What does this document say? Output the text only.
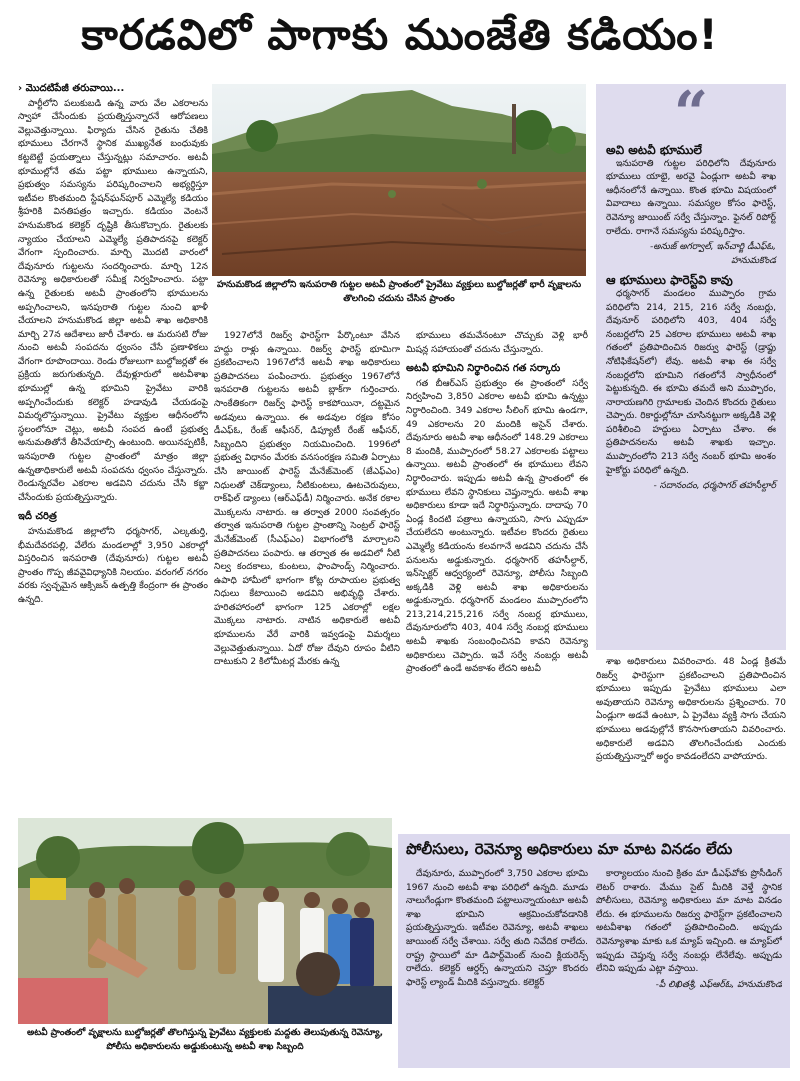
కారడవిలో పాగాకు ముంజేతి కడియం!
› మొదటిపేజీ తరువాయి...

పార్టీలోని పలుకుబడి ఉన్న వారు వేల ఎకరాలను స్వాహా చేసేందుకు ప్రయత్నిస్తున్నారనే ఆరోపణలు వెల్లువెత్తున్నాయి. ఫిర్యాదు చేసిన రైతును చేతికి భూములు చేరగానే స్థానిక ముఖ్యనేత బంధువుకు కట్టబెట్టే ప్రయత్నాలు చేస్తున్నట్లు సమాచారం. అటవీ భూముల్లోనే తమ పట్టా భూములు ఉన్నాయని, ప్రభుత్వం సమస్యను పరిష్కరించాలని అభ్యర్థిస్తూ ఇటీవల కొంతమంది స్టేషన్‌ఘన్‌పూర్ ఎమ్మెల్యే కడియం శ్రీహరికి వినతిపత్రం ఇచ్చారు. కడియం వెంటనే హనుమకొండ కలెక్టర్ దృష్టికి తీసుకొచ్చారు. రైతులకు న్యాయం చేయాలని ఎమ్మెల్యే ప్రతిపాదనపై కలెక్టర్ వేగంగా స్పందించారు. మార్చి మొదటి వారంలో దేవునూరు గుట్టలను సందర్శించారు. మార్చి 12న రెవెన్యూ అధికారులతో సమీక్ష నిర్వహించారు. పట్టా ఉన్న రైతులకు అటవీ ప్రాంతంలోని భూములను అప్పగించాలని, ఇనపురాతి గుట్టల నుంచి ఖాళీ చేయాలని హనుమకొండ జిల్లా అటవీ శాఖ అధికారికి మార్చి 27న ఆదేశాలు జారీ చేశారు. ఆ మరుసటి రోజు నుంచి అటవీ సంపదను ధ్వంసం చేసే ప్రణాళికలు వేగంగా రూపొందాయి. రెండు రోజులుగా బుల్డోజర్లతో ఈ ప్రక్రియ జరుగుతున్నది. దేవుళ్లూరులో అటవీశాఖ భూముల్లో ఉన్న భూమిని ప్రైవేటు వారికి అప్పగించేందుకు కలెక్టర్ హడావుడి చేయడంపై విమర్శలొస్తున్నాయి. ప్రైవేటు వ్యక్తుల ఆధీనంలోని స్థలంలోనూ చెట్లు, అటవీ సంపద ఉంటే ప్రభుత్వ అనుమతితోనే తీసివేయాల్సి ఉంటుంది. అయినప్పటికీ, ఇనపురాతి గుట్టల ప్రాంతంలో మాత్రం జిల్లా ఉన్నతాధికారులే అటవీ సంపదను ధ్వంసం చేస్తున్నారు. రెండున్నరవేల ఎకరాల అడవిని చదును చేసి కబ్జా చేసేందుకు ప్రయత్నిస్తున్నారు.

ఇదీ చరిత్ర

హనుమకొండ జిల్లాలోని ధర్మసాగర్, ఎల్కతుర్తి, భీమదేవరపల్లి, వేలేరు మండలాల్లో 3,950 ఎకరాల్లో విస్తరించిన ఇనపరాతి (దేవునూరు) గుట్టల అటవీ ప్రాంతం గొప్ప జీవవైవిధ్యానికి నిలయం. వరంగల్ నగరం వరకు స్వచ్ఛమైన ఆక్సిజన్ ఉత్పత్తి కేంద్రంగా ఈ ప్రాంతం ఉన్నది.

హనుమకొండ జిల్లాలోని ఇనుపరాతి గుట్టల అటవీ ప్రాంతంలో ప్రైవేటు వ్యక్తులు బుల్డోజర్లతో భారీ వృక్షాలను తొలగించి చదును చేసిన ప్రాంతం

1927లోనే రిజర్వ్ ఫారెస్ట్‌గా పేర్కొంటూ వేసిన హద్దు రాళ్లు ఉన్నాయి. రిజర్వ్ ఫారెస్ట్ భూమిగా ప్రకటించాలని 1967లోనే అటవీ శాఖ అధికారులు ప్రతిపాదనలు పంపించారు. ప్రభుత్వం 1967లోనే ఇనపరాతి గుట్టలను అటవీ బ్లాక్‌గా గుర్తించారు. సాంకేతికంగా రిజర్వ్ ఫారెస్ట్ కాకపోయినా, దట్టమైన అడవులు ఉన్నాయి. ఈ అడవుల రక్షణ కోసం డీఎఫ్‌ఓ, రేంజ్ ఆఫీసర్, డిప్యూటీ రేంజ్ ఆఫీసర్, సిబ్బందిని ప్రభుత్వం నియమించింది. 1996లో ప్రభుత్వ విధానం మేరకు వనసంరక్షణ సమితి ఏర్పాటు చేసి జాయింట్ ఫారెస్ట్ మేనేజ్‌మెంట్ (జేఎఫ్ఎం) నిధులతో చెక్‌డ్యాంలు, నీటికుంటలు, ఊటచెరువులు, రాక్‌ఫిల్ డ్యాంలు (ఆర్‌ఎఫ్‌డీ) నిర్మించారు. అనేక రకాల మొక్కలను నాటారు. ఆ తర్వాత 2000 సంవత్సరం తర్వాత ఇనుపరాతి గుట్టల ప్రాంతాన్ని సెంట్రల్ ఫారెస్ట్ మేనేజ్‌మెంట్ (సీఎఫ్ఎం) విభాగంలోకి మార్చాలని ప్రతిపాదనలు పంపారు. ఆ తర్వాత ఈ అడవిలో నీటి నిల్వ కందకాలు, కుంటలు, ఫాంపాండ్స్ నిర్మించారు. ఉపాధి హామీలో భాగంగా కోట్ల రూపాయల ప్రభుత్వ నిధులు కేటాయించి అడవిని అభివృద్ధి చేశారు. హరితహారంలో భాగంగా 125 ఎకరాల్లో లక్షల మొక్కలు నాటారు. నాటిన అధికారులే అటవీ భూములను వేరే వారికి ఇవ్వడంపై విమర్శలు వెల్లువెత్తుతున్నాయి. ఏదో రోజు దేవుని రూపం వీటిని దాటుకుని 2 కిలోమీటర్ల మేరకు ఉన్న

భూములు తమవేనంటూ చొచ్చుకు వెళ్లి భారీ మిషన్ల సహాయంతో చదును చేస్తున్నారు.

అటవీ భూమిని నిర్థారించిన గత సర్కారు

గత బీఆర్ఎస్ ప్రభుత్వం ఈ ప్రాంతంలో సర్వే నిర్వహించి 3,850 ఎకరాల అటవీ భూమి ఉన్నట్టు నిర్థారించింది. 349 ఎకరాల సీలింగ్ భూమి ఉండగా, 49 ఎకరాలను 20 మందికి అసైన్ చేశారు. దేవునూరు అటవీ శాఖ ఆధీనంలో 148.29 ఎకరాలు 8 మందికి, ముప్పారంలో 58.27 ఎకరాలకు పట్టాలు ఉన్నాయి. అటవీ ప్రాంతంలో ఈ భూములు లేవని నిర్థారించారు. ఇప్పుడు అటవీ ఉన్న ప్రాంతంలో ఈ భూములు లేవని స్థానికులు చెప్తున్నారు. అటవీ శాఖ అధికారులు కూడా ఇదే నిర్థారిస్తున్నారు. దాదాపు 70 ఏండ్ల కిందటి పత్రాలు ఉన్నాయని, సాగు ఎప్పుడూ చేయలేదని అంటున్నారు. ఇటీవల కొందరు రైతులు ఎమ్మెల్యే కడియంను కలవగానే అడవిని చదును చేసే పనులను అడ్డుకున్నారు. ధర్మసాగర్ తహసీల్దార్, ఇన్‌స్పెక్టర్ ఆధ్వర్యంలో రెవెన్యూ, పోలీసు సిబ్బంది అక్కడికి వెళ్లి అటవీ శాఖ అధికారులను అడ్డుకున్నారు. ధర్మసాగర్ మండలం ముప్పారంలోని 213,214,215,216 సర్వే నంబర్ల భూములు, దేవునూరులోని 403, 404 సర్వే నంబర్ల భూములు అటవీ శాఖకు సంబంధించినవి కావని రెవెన్యూ అధికారులు చెప్పారు. ఇవే సర్వే నంబర్లు అటవీ ప్రాంతంలో ఉండే అవకాశం లేదని అటవీ

“
అవి అటవీ భూములే

ఇనుపరాతి గుట్టల పరిధిలోని దేవునూరు భూములు యాభై, అరవై ఏండ్లుగా అటవీ శాఖ ఆధీనంలోనే ఉన్నాయి. కొంత భూమి విషయంలో వివాదాలు ఉన్నాయి. సమస్యల కోసం ఫారెస్ట్, రెవెన్యూ జాయింట్ సర్వే చేస్తున్నాం. ఫైనల్ రిపోర్ట్ రాలేదు. రాగానే సమస్యను పరిష్కరిస్తాం.

-అనుజ్ అగర్వాల్, ఇన్‌చార్జి డీఎఫ్ఓ, హనుమకొండ
ఆ భూములు ఫారెస్ట్‌వి కావు

ధర్మసాగర్ మండలం ముప్పారం గ్రామ పరిధిలోని 214, 215, 216 సర్వే నంబర్లు, దేవునూర్ పరిధిలోని 403, 404 సర్వే నంబర్లలోని 25 ఎకరాల భూములు అటవీ శాఖ గతంలో ప్రతిపాదించిన రిజర్వు ఫారెస్ట్ (డ్రాఫ్టు నోటిఫికేషన్‌లో) లేవు. అటవీ శాఖ ఈ సర్వే నంబర్లలోని భూమిని గతంలోనే స్వాధీనంలో పెట్టుకున్నది. ఈ భూమి తమదే అని ముప్పారం, నారాయణగిరి గ్రామాలకు చెందిన కొందరు రైతులు చెప్పారు. రికార్డుల్లోనూ చూసినట్టుగా అక్కడికి వెళ్లి పరిశీలించి హద్దులు ఏర్పాటు చేశాం. ఈ ప్రతిపాదనలను అటవీ శాఖకు ఇచ్చాం. ముప్పారంలోని 213 సర్వే నంబర్ భూమి అంశం హైకోర్టు పరిధిలో ఉన్నది.

- సదానందం, ధర్మసాగర్ తహసీల్దార్

శాఖ అధికారులు వివరించారు. 48 ఏండ్ల క్రితమే రిజర్వ్ ఫారెస్టుగా ప్రకటించాలని ప్రతిపాదించిన భూములు ఇప్పుడు ప్రైవేటు భూములు ఎలా అవుతాయని రెవెన్యూ అధికారులను ప్రశ్నించారు. 70 ఏండ్లుగా అడవే ఉంటూ, ఏ ప్రైవేటు వ్యక్తి సాగు చేయని భూములు అడవుల్లోనే కొనసాగుతాయని వివరించారు. అధికారులే అడవిని తొలగించేందుకు ఎందుకు ప్రయత్నిస్తున్నారో అర్థం కావడంలేదని వాపోయారు.

అటవీ ప్రాంతంలో వృక్షాలను బుల్డోజర్లతో తొలగిస్తున్న ప్రైవేటు వ్యక్తులకు మద్దతు తెలుపుతున్న రెవెన్యూ, పోలీసు అధికారులను అడ్డుకుంటున్న అటవీ శాఖ సిబ్బంది
పోలీసులు, రెవెన్యూ అధికారులు మా మాట వినడం లేదు

దేవునూరు, ముప్పారంలో 3,750 ఎకరాల భూమి 1967 నుంచి అటవీ శాఖ పరిధిలో ఉన్నది. మూడు నాలుగేండ్లుగా కొంతమంది పట్టాలున్నాయంటూ అటవీ శాఖ భూమిని ఆక్రమించుకోవడానికి ప్రయత్నిస్తున్నారు. ఇటీవల రెవెన్యూ, అటవీ శాఖలు జాయింట్ సర్వే చేశాయి. సర్వే తుది నివేదిక రాలేదు. రాష్ట్ర స్థాయిలో మా డిపార్ట్‌మెంట్ నుంచి క్లియరెన్స్ రాలేదు. కలెక్టర్ ఆర్డర్స్ ఉన్నాయని చెప్తూ కొందరు ఫారెస్ట్ ల్యాండ్ మీదికి వస్తున్నారు. కలెక్టర్

కార్యాలయం నుంచి క్రితం మా డీఎఫ్‌వోకు ప్రొసీడింగ్ లెటర్ రాశారు. మేము సైట్ మీదికి వెళ్తే స్థానిక పోలీసులు, రెవెన్యూ అధికారులు మా మాట వినడం లేదు. ఈ భూములను రిజర్వు ఫారెస్ట్‌గా ప్రకటించాలని అటవీశాఖ గతంలో ప్రతిపాదించింది. అప్పుడు రెవెన్యూశాఖ మాకు ఒక మ్యాప్ ఇచ్చింది. ఆ మ్యాప్‌లో ఇప్పుడు చెప్తున్న సర్వే నంబర్లు లేనేలేవు. అప్పుడు లేనివి ఇప్పుడు ఎట్లా వస్తాయి.

-పీ లిఖితశ్రీ, ఎఫ్ఆర్ఓ, హనుమకొండ
